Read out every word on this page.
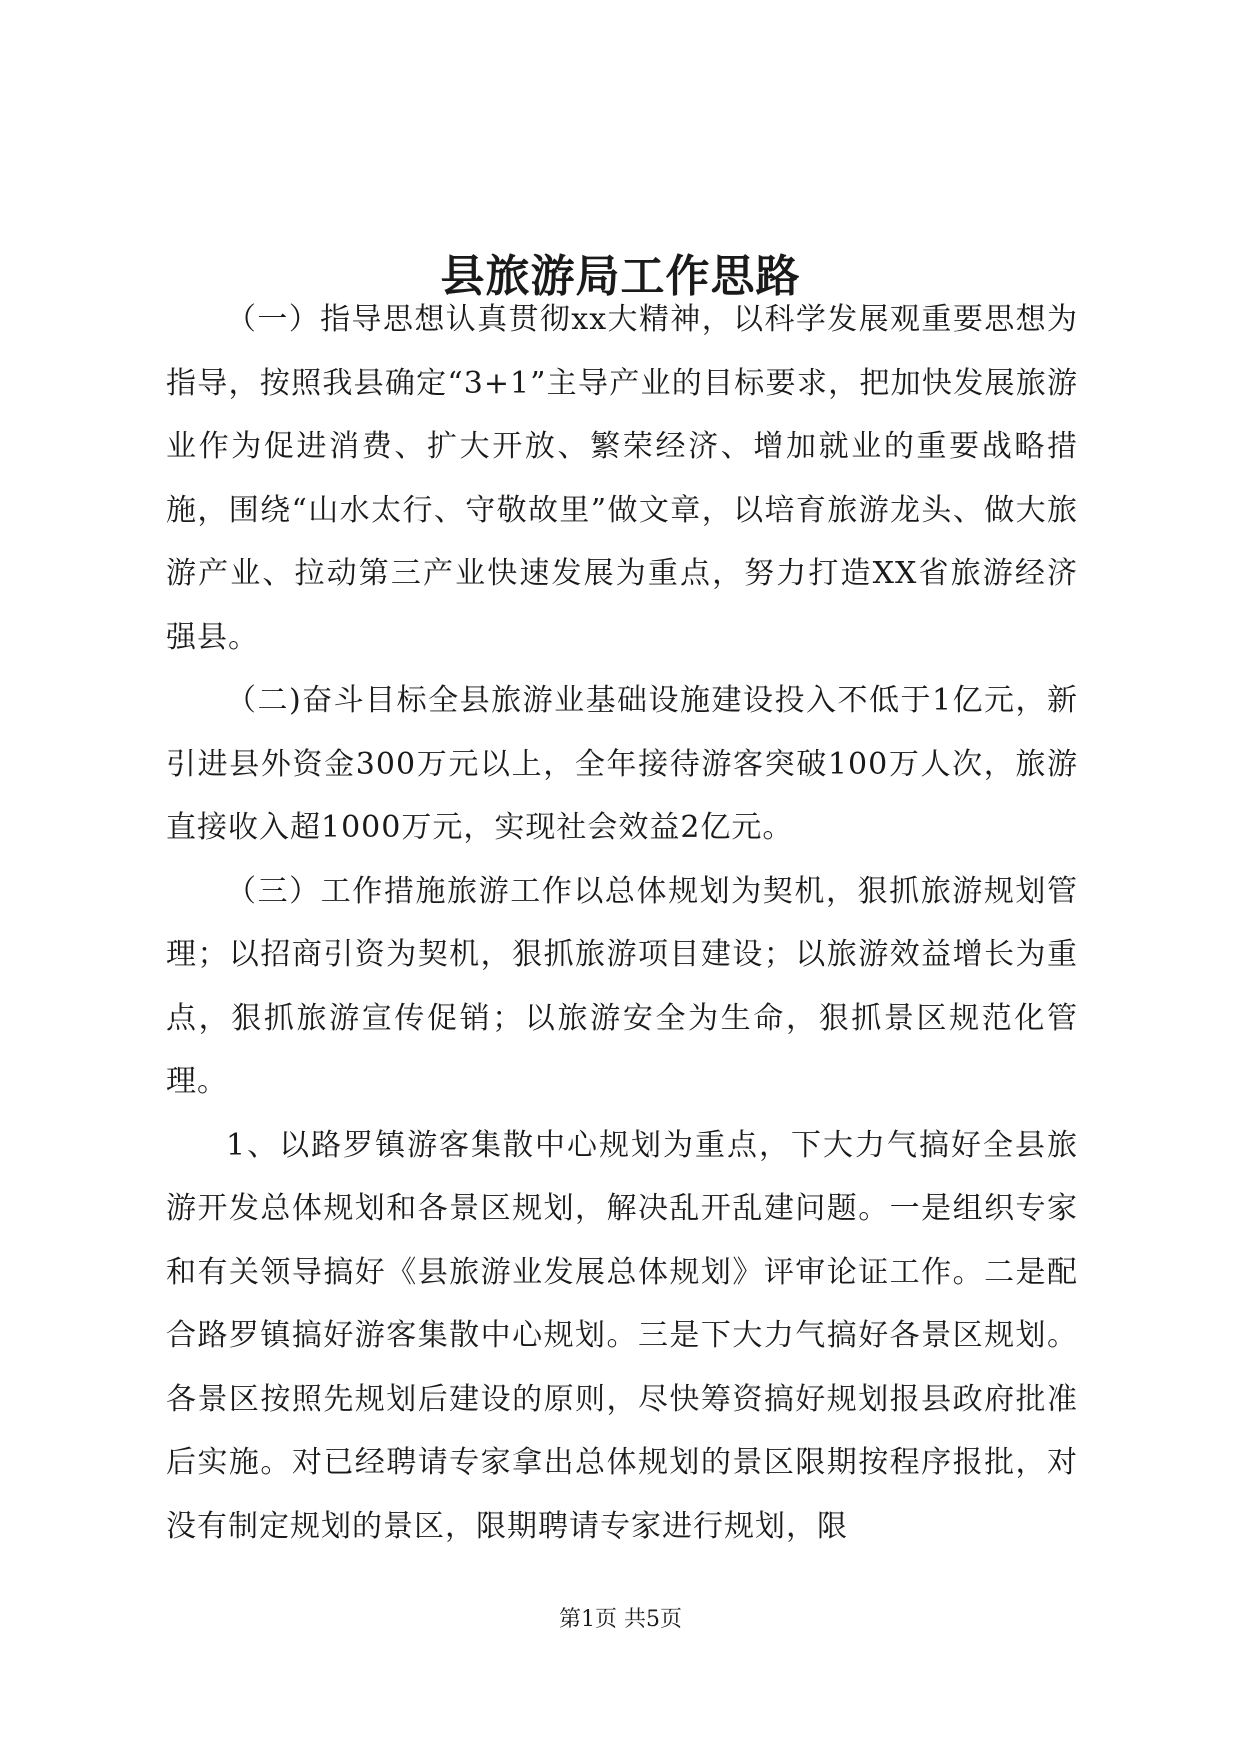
县旅游局工作思路

（一）指导思想认真贯彻xx大精神，以科学发展观重要思想为指导，按照我县确定“3+1”主导产业的目标要求，把加快发展旅游业作为促进消费、扩大开放、繁荣经济、增加就业的重要战略措施，围绕“山水太行、守敬故里”做文章，以培育旅游龙头、做大旅游产业、拉动第三产业快速发展为重点，努力打造XX省旅游经济强县。

（二)奋斗目标全县旅游业基础设施建设投入不低于1亿元，新引进县外资金300万元以上，全年接待游客突破100万人次，旅游直接收入超1000万元，实现社会效益2亿元。

（三）工作措施旅游工作以总体规划为契机，狠抓旅游规划管理；以招商引资为契机，狠抓旅游项目建设；以旅游效益增长为重点，狠抓旅游宣传促销；以旅游安全为生命，狠抓景区规范化管理。

1、以路罗镇游客集散中心规划为重点，下大力气搞好全县旅游开发总体规划和各景区规划，解决乱开乱建问题。一是组织专家和有关领导搞好《县旅游业发展总体规划》评审论证工作。二是配合路罗镇搞好游客集散中心规划。三是下大力气搞好各景区规划。各景区按照先规划后建设的原则，尽快筹资搞好规划报县政府批准后实施。对已经聘请专家拿出总体规划的景区限期按程序报批，对没有制定规划的景区，限期聘请专家进行规划，限

第1页 共5页
